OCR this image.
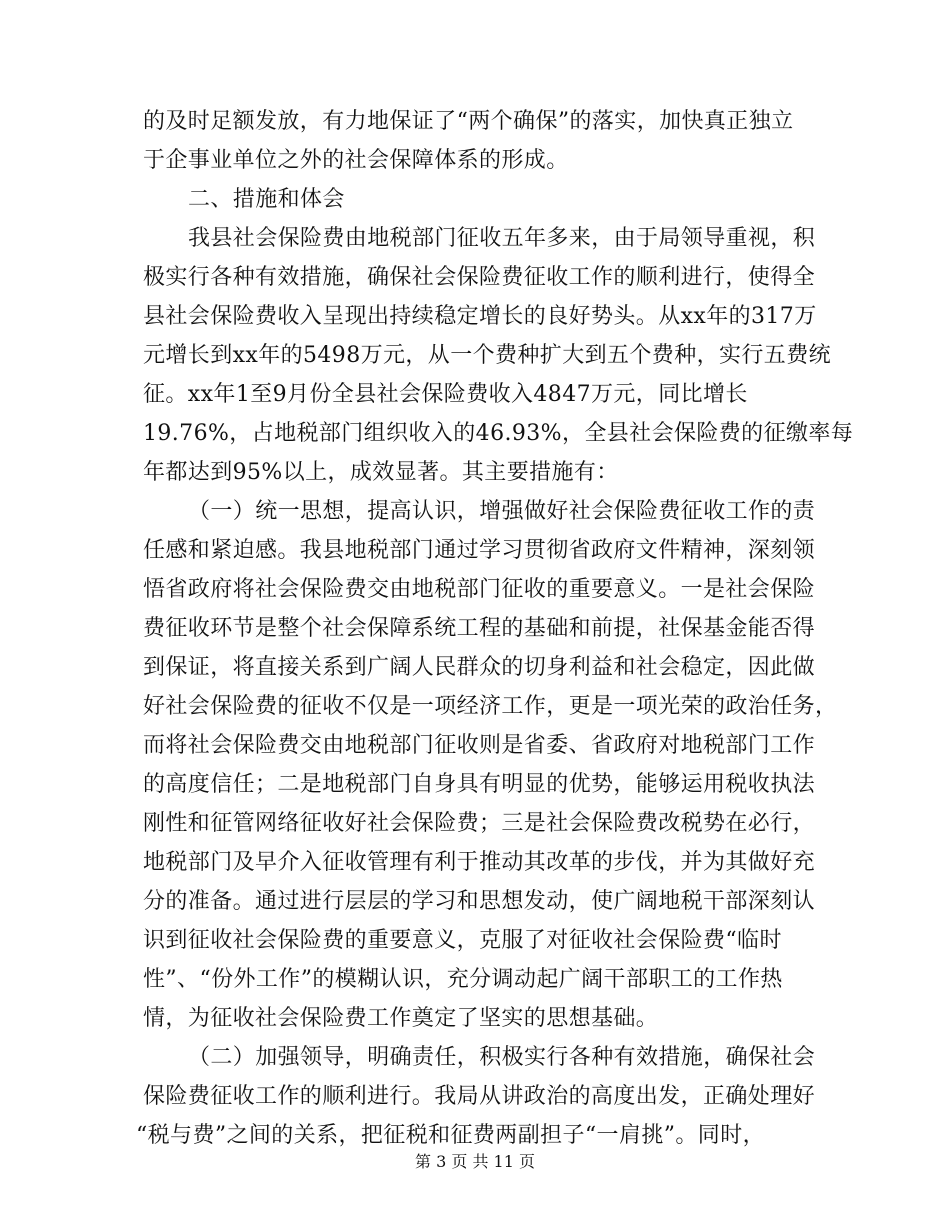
的及时足额发放，有力地保证了“两个确保”的落实，加快真正独立
于企事业单位之外的社会保障体系的形成。
二、措施和体会
我县社会保险费由地税部门征收五年多来，由于局领导重视，积
极实行各种有效措施，确保社会保险费征收工作的顺利进行，使得全
县社会保险费收入呈现出持续稳定增长的良好势头。从xx年的317万
元增长到xx年的5498万元，从一个费种扩大到五个费种，实行五费统
征。xx年1至9月份全县社会保险费收入4847万元，同比增长
19.76%，占地税部门组织收入的46.93%，全县社会保险费的征缴率每
年都达到95%以上，成效显著。其主要措施有：
（一）统一思想，提高认识，增强做好社会保险费征收工作的责
任感和紧迫感。我县地税部门通过学习贯彻省政府文件精神，深刻领
悟省政府将社会保险费交由地税部门征收的重要意义。一是社会保险
费征收环节是整个社会保障系统工程的基础和前提，社保基金能否得
到保证，将直接关系到广阔人民群众的切身利益和社会稳定，因此做
好社会保险费的征收不仅是一项经济工作，更是一项光荣的政治任务，
而将社会保险费交由地税部门征收则是省委、省政府对地税部门工作
的高度信任；二是地税部门自身具有明显的优势，能够运用税收执法
刚性和征管网络征收好社会保险费；三是社会保险费改税势在必行，
地税部门及早介入征收管理有利于推动其改革的步伐，并为其做好充
分的准备。通过进行层层的学习和思想发动，使广阔地税干部深刻认
识到征收社会保险费的重要意义，克服了对征收社会保险费“临时
性”、“份外工作”的模糊认识，充分调动起广阔干部职工的工作热
情，为征收社会保险费工作奠定了坚实的思想基础。
（二）加强领导，明确责任，积极实行各种有效措施，确保社会
保险费征收工作的顺利进行。我局从讲政治的高度出发，正确处理好
“税与费”之间的关系，把征税和征费两副担子“一肩挑”。同时，
第 3 页 共 11 页
